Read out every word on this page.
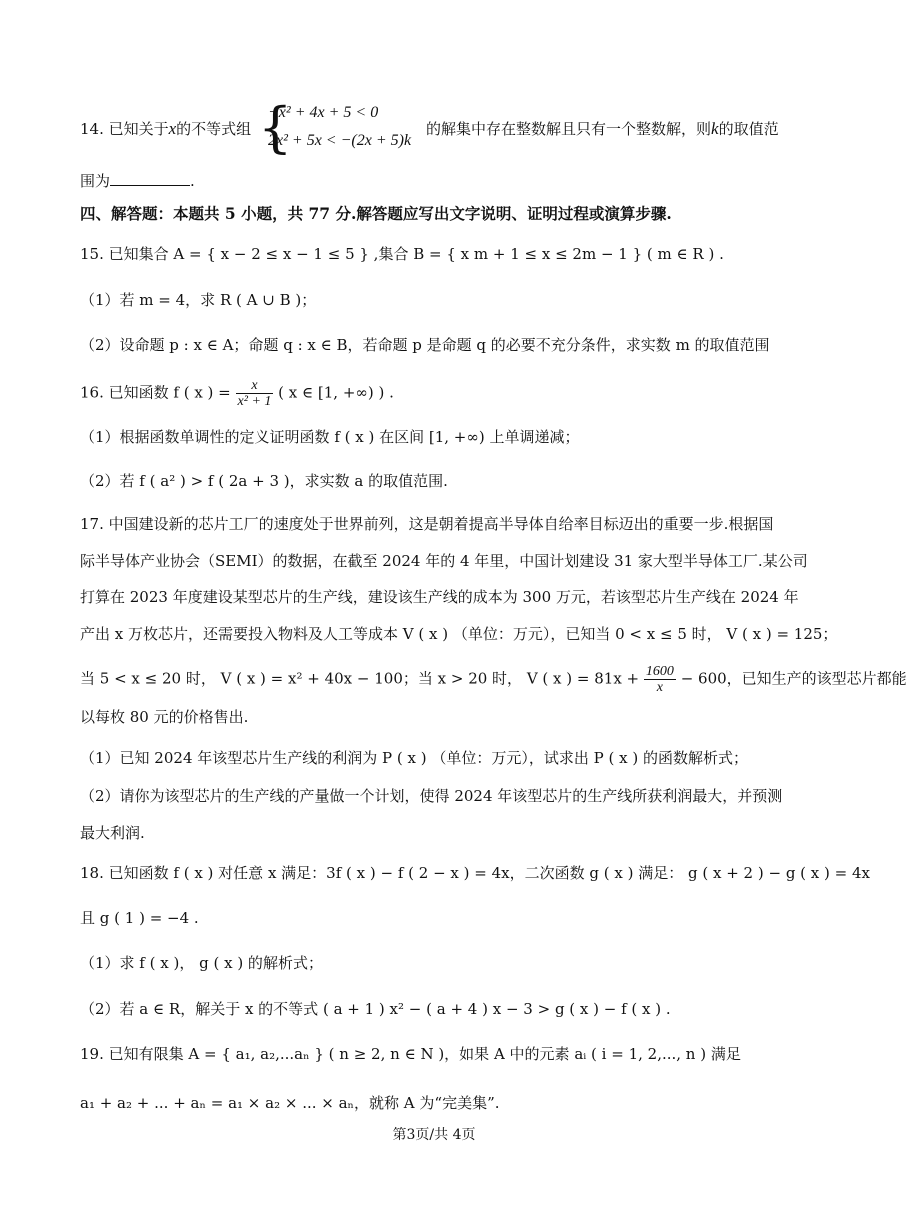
14. 已知关于x的不等式组 {
−x² + 4x + 5 < 0
2x² + 5x < −(2x + 5)k
的解集中存在整数解且只有一个整数解，则k的取值范
围为	.
四、解答题：本题共 5 小题，共 77 分.解答题应写出文字说明、证明过程或演算步骤.
15. 已知集合 A = { x − 2 ≤ x − 1 ≤ 5 } ,集合 B = { x m + 1 ≤ x ≤ 2m − 1 } ( m ∈ R ) .
（1）若 m = 4，求 R ( A ∪ B )；
（2）设命题 p : x ∈ A；命题 q : x ∈ B，若命题 p 是命题 q 的必要不充分条件，求实数 m 的取值范围
16. 已知函数 f ( x ) = $\frac{x}{\text{x² + 1}}$ ( x ∈ [1, +∞) ) .
（1）根据函数单调性的定义证明函数 f ( x ) 在区间 [1, +∞) 上单调递减；
（2）若 f ( a² ) > f ( 2a + 3 )，求实数 a 的取值范围.
17. 中国建设新的芯片工厂的速度处于世界前列，这是朝着提高半导体自给率目标迈出的重要一步.根据国
际半导体产业协会（SEMI）的数据，在截至 2024 年的 4 年里，中国计划建设 31 家大型半导体工厂.某公司
打算在 2023 年度建设某型芯片的生产线，建设该生产线的成本为 300 万元，若该型芯片生产线在 2024 年
产出 x 万枚芯片，还需要投入物料及人工等成本 V ( x ) （单位：万元），已知当 0 < x ≤ 5 时， V ( x ) = 125；
当 5 < x ≤ 20 时， V ( x ) = x² + 40x − 100；当 x > 20 时， V ( x ) = $81x + \frac{1600}{x} - 600$，已知生产的该型芯片都能
以每枚 80 元的价格售出.
（1）已知 2024 年该型芯片生产线的利润为 P ( x ) （单位：万元），试求出 P ( x ) 的函数解析式；
（2）请你为该型芯片的生产线的产量做一个计划，使得 2024 年该型芯片的生产线所获利润最大，并预测
最大利润.
18. 已知函数 f ( x ) 对任意 x 满足：3f ( x ) − f ( 2 − x ) = 4x，二次函数 g ( x ) 满足： g ( x + 2 ) − g ( x ) = 4x
且 g ( 1 ) = −4 .
（1）求 f ( x )， g ( x ) 的解析式；
（2）若 a ∈ R，解关于 x 的不等式 ( a + 1 ) x² − ( a + 4 ) x − 3 > g ( x ) − f ( x ) .
19. 已知有限集 A = { a₁, a₂,...aₙ } ( n ≥ 2, n ∈ N )，如果 A 中的元素 aᵢ ( i = 1, 2,..., n ) 满足
a₁ + a₂ + ... + aₙ = a₁ × a₂ × ... × aₙ，就称 A 为“完美集”.
第3页/共 4页
